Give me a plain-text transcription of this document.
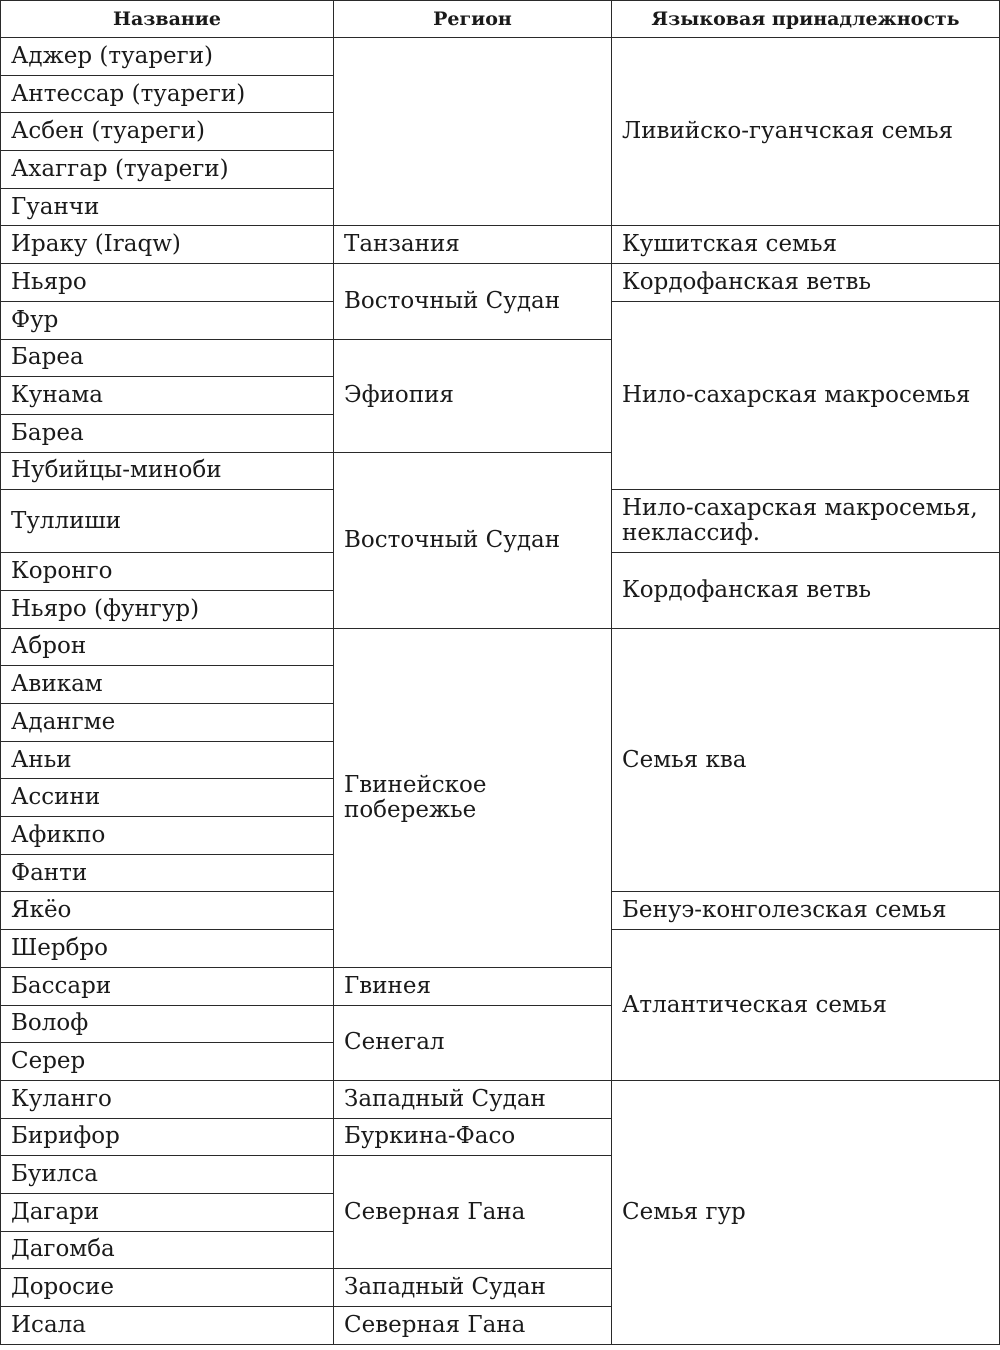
Название	Регион	Языковая принадлежность
Аджер (туареги)		Ливийско-гуанчская семья
Антессар (туареги)		
Асбен (туареги)		
Ахаггар (туареги)		
Гуанчи		
Ираку (Iraqw)	Танзания	Кушитская семья
Ньяро	Восточный Судан	Кордофанская ветвь
Фур		Нило-сахарская макросемья
Бареа	Эфиопия	
Кунама		
Бареа		
Нубийцы-миноби	Восточный Судан	
Туллиши		Нило-сахарская макросемья, неклассиф.
Коронго		Кордофанская ветвь
Ньяро (фунгур)		
Аброн	Гвинейское побережье	Семья ква
Авикам		
Адангме		
Аньи		
Ассини		
Афикпо		
Фанти		
Якёо		Бенуэ-конголезская семья
Шербро		Атлантическая семья
Бассари	Гвинея	
Волоф	Сенегал	
Серер		
Куланго	Западный Судан	Семья гур
Бирифор	Буркина-Фасо	
Буилса	Северная Гана	
Дагари		
Дагомба		
Доросие	Западный Судан	
Исала	Северная Гана	
